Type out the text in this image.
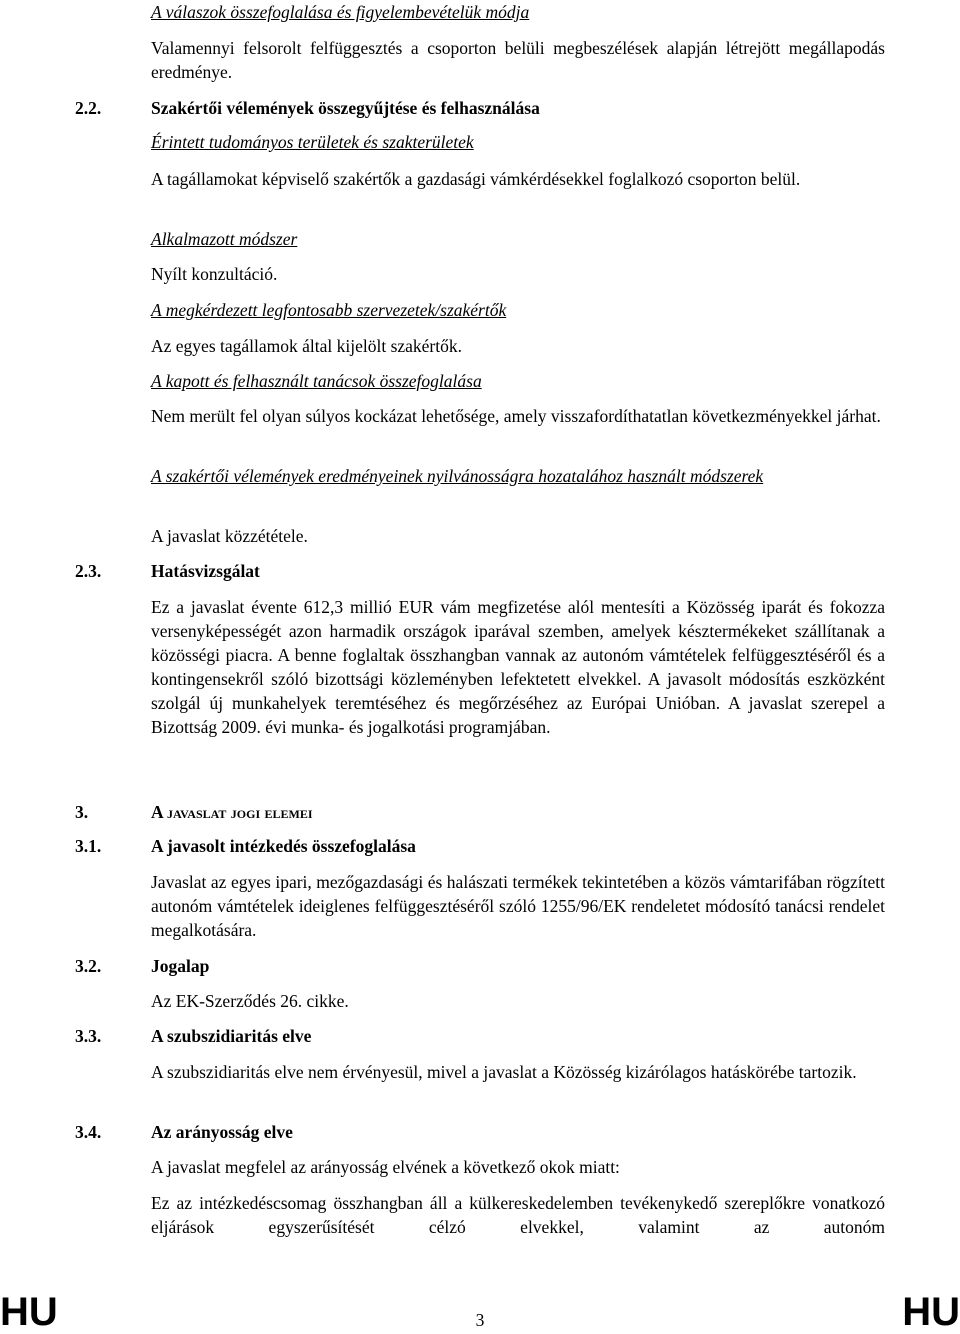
A válaszok összefoglalása és figyelembevételük módja
Valamennyi felsorolt felfüggesztés a csoporton belüli megbeszélések alapján létrejött megállapodás eredménye.
2.2.	Szakértői vélemények összegyűjtése és felhasználása
Érintett tudományos területek és szakterületek
A tagállamokat képviselő szakértők a gazdasági vámkérdésekkel foglalkozó csoporton belül.
Alkalmazott módszer
Nyílt konzultáció.
A megkérdezett legfontosabb szervezetek/szakértők
Az egyes tagállamok által kijelölt szakértők.
A kapott és felhasznált tanácsok összefoglalása
Nem merült fel olyan súlyos kockázat lehetősége, amely visszafordíthatatlan következményekkel járhat.
A szakértői vélemények eredményeinek nyilvánosságra hozatalához használt módszerek
A javaslat közzététele.
2.3.	Hatásvizsgálat
Ez a javaslat évente 612,3 millió EUR vám megfizetése alól mentesíti a Közösség iparát és fokozza versenyképességét azon harmadik országok iparával szemben, amelyek késztermékeket szállítanak a közösségi piacra. A benne foglaltak összhangban vannak az autonóm vámtételek felfüggesztéséről és a kontingensekről szóló bizottsági közleményben lefektetett elvekkel. A javasolt módosítás eszközként szolgál új munkahelyek teremtéséhez és megőrzéséhez az Európai Unióban. A javaslat szerepel a Bizottság 2009. évi munka- és jogalkotási programjában.
3.	A javaslat jogi elemei
3.1.	A javasolt intézkedés összefoglalása
Javaslat az egyes ipari, mezőgazdasági és halászati termékek tekintetében a közös vámtarifában rögzített autonóm vámtételek ideiglenes felfüggesztéséről szóló 1255/96/EK rendeletet módosító tanácsi rendelet megalkotására.
3.2.	Jogalap
Az EK-Szerződés 26. cikke.
3.3.	A szubszidiaritás elve
A szubszidiaritás elve nem érvényesül, mivel a javaslat a Közösség kizárólagos hatáskörébe tartozik.
3.4.	Az arányosság elve
A javaslat megfelel az arányosság elvének a következő okok miatt:
Ez az intézkedéscsomag összhangban áll a külkereskedelemben tevékenykedő szereplőkre vonatkozó eljárások egyszerűsítését célzó elvekkel, valamint az autonóm
HU	3	HU
